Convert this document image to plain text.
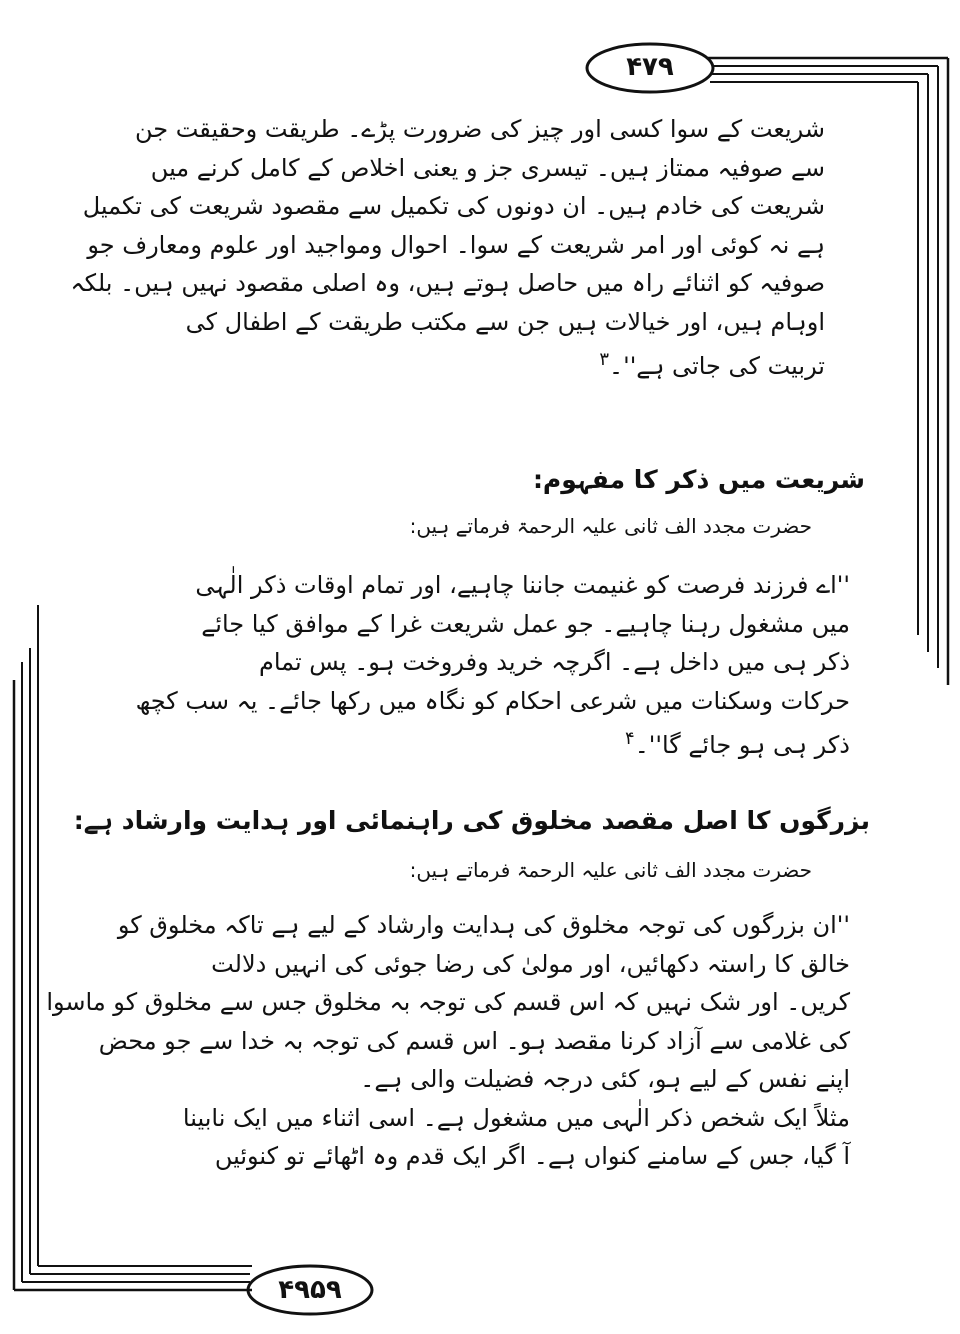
۴۷۹
۴۹۵۹
شریعت کے سوا کسی اور چیز کی ضرورت پڑے۔ طریقت وحقیقت جن
سے صوفیہ ممتاز ہیں۔ تیسری جز و یعنی اخلاص کے کامل کرنے میں
شریعت کی خادم ہیں۔ ان دونوں کی تکمیل سے مقصود شریعت کی تکمیل
ہے نہ کوئی اور امر شریعت کے سوا۔ احوال ومواجید اور علوم ومعارف جو
صوفیہ کو اثنائے راہ میں حاصل ہوتے ہیں، وہ اصلی مقصود نہیں ہیں۔ بلکہ
اوہام ہیں، اور خیالات ہیں جن سے مکتب طریقت کے اطفال کی
تربیت کی جاتی ہے''۔$^۳$
شریعت میں ذکر کا مفہوم:
حضرت مجدد الف ثانی علیہ الرحمۃ فرماتے ہیں:
''اے فرزند فرصت کو غنیمت جاننا چاہیے، اور تمام اوقات ذکر الٰہی
میں مشغول رہنا چاہیے۔ جو عمل شریعت غرا کے موافق کیا جائے
ذکر ہی میں داخل ہے۔ اگرچہ خرید وفروخت ہو۔ پس تمام
حرکات وسکنات میں شرعی احکام کو نگاہ میں رکھا جائے۔ یہ سب کچھ
ذکر ہی ہو جائے گا''۔$^۴$
بزرگوں کا اصل مقصد مخلوق کی راہنمائی اور ہدایت وارشاد ہے:
حضرت مجدد الف ثانی علیہ الرحمۃ فرماتے ہیں:
''ان بزرگوں کی توجہ مخلوق کی ہدایت وارشاد کے لیے ہے تاکہ مخلوق کو
خالق کا راستہ دکھائیں، اور مولیٰ کی رضا جوئی کی انہیں دلالت
کریں۔ اور شک نہیں کہ اس قسم کی توجہ بہ مخلوق جس سے مخلوق کو ماسوا
کی غلامی سے آزاد کرنا مقصد ہو۔ اس قسم کی توجہ بہ خدا سے جو محض
اپنے نفس کے لیے ہو، کئی درجہ فضیلت والی ہے۔
مثلاً ایک شخص ذکر الٰہی میں مشغول ہے۔ اسی اثناء میں ایک نابینا
آ گیا، جس کے سامنے کنواں ہے۔ اگر ایک قدم وہ اٹھائے تو کنوئیں
